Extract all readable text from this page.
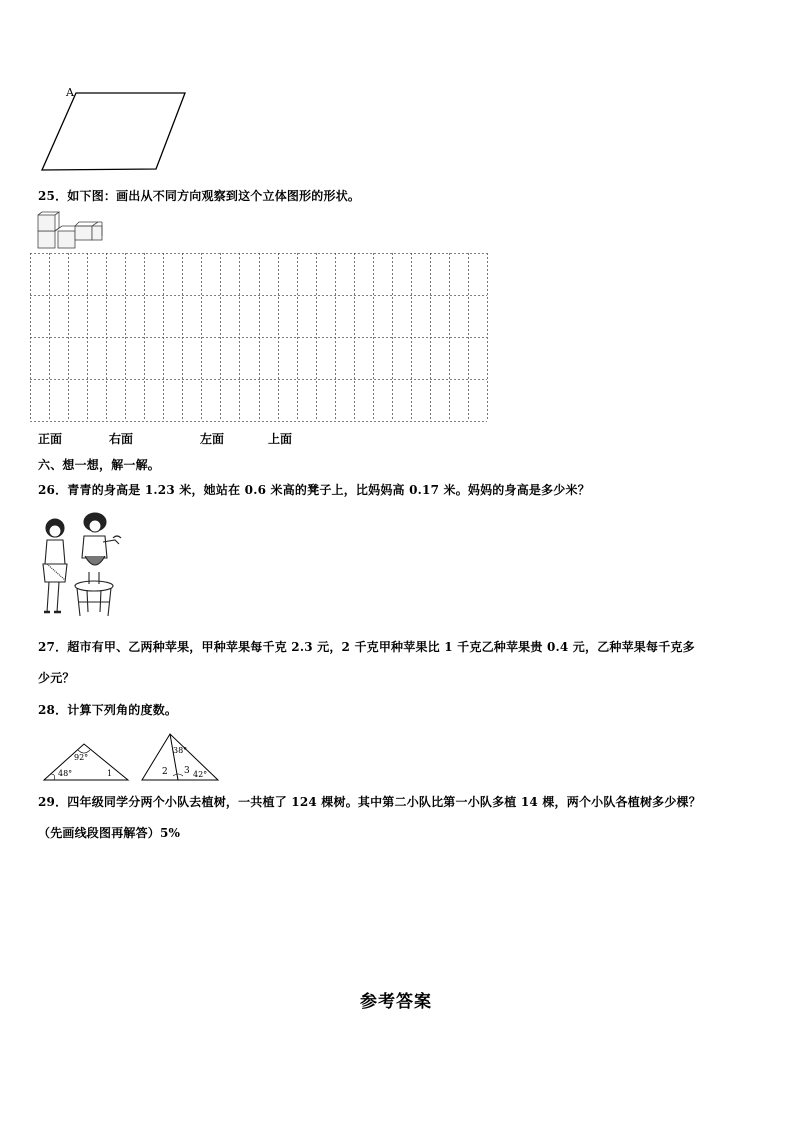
A
25．如下图：画出从不同方向观察到这个立体图形的形状。
正面	右面	左面	上面
六、想一想，解一解。
26．青青的身高是 1.23 米，她站在 0.6 米高的凳子上，比妈妈高 0.17 米。妈妈的身高是多少米？
27．超市有甲、乙两种苹果，甲种苹果每千克 2.3 元，2 千克甲种苹果比 1 千克乙种苹果贵 0.4 元，乙种苹果每千克多
少元？
28．计算下列角的度数。
92°
48°	1
38°
2 3 42°
29．四年级同学分两个小队去植树，一共植了 124 棵树。其中第二小队比第一小队多植 14 棵，两个小队各植树多少棵？
（先画线段图再解答）5%
参考答案
